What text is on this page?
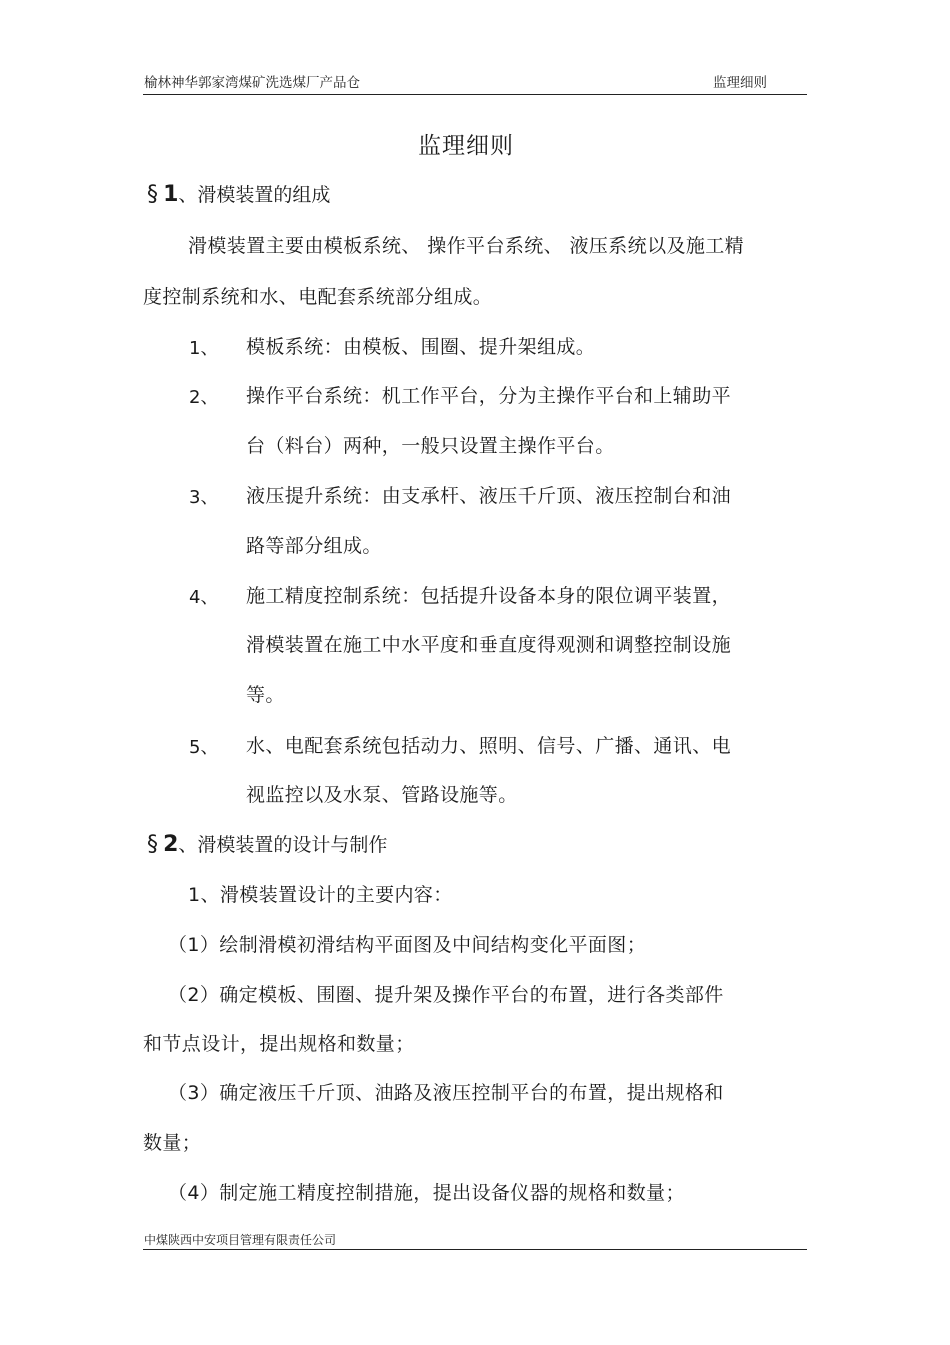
榆林神华郭家湾煤矿洗选煤厂产品仓	监理细则
监理细则
§ 1、滑模装置的组成
滑模装置主要由模板系统、 操作平台系统、 液压系统以及施工精
度控制系统和水、电配套系统部分组成。
1、 模板系统：由模板、围圈、提升架组成。
2、 操作平台系统：机工作平台，分为主操作平台和上辅助平
台（料台）两种，一般只设置主操作平台。
3、 液压提升系统：由支承杆、液压千斤顶、液压控制台和油
路等部分组成。
4、 施工精度控制系统：包括提升设备本身的限位调平装置，
滑模装置在施工中水平度和垂直度得观测和调整控制设施
等。
5、 水、电配套系统包括动力、照明、信号、广播、通讯、电
视监控以及水泵、管路设施等。
§ 2、滑模装置的设计与制作
1、滑模装置设计的主要内容：
（1）绘制滑模初滑结构平面图及中间结构变化平面图；
（2）确定模板、围圈、提升架及操作平台的布置，进行各类部件
和节点设计，提出规格和数量；
（3）确定液压千斤顶、油路及液压控制平台的布置，提出规格和
数量；
（4）制定施工精度控制措施，提出设备仪器的规格和数量；
中煤陕西中安项目管理有限责任公司
